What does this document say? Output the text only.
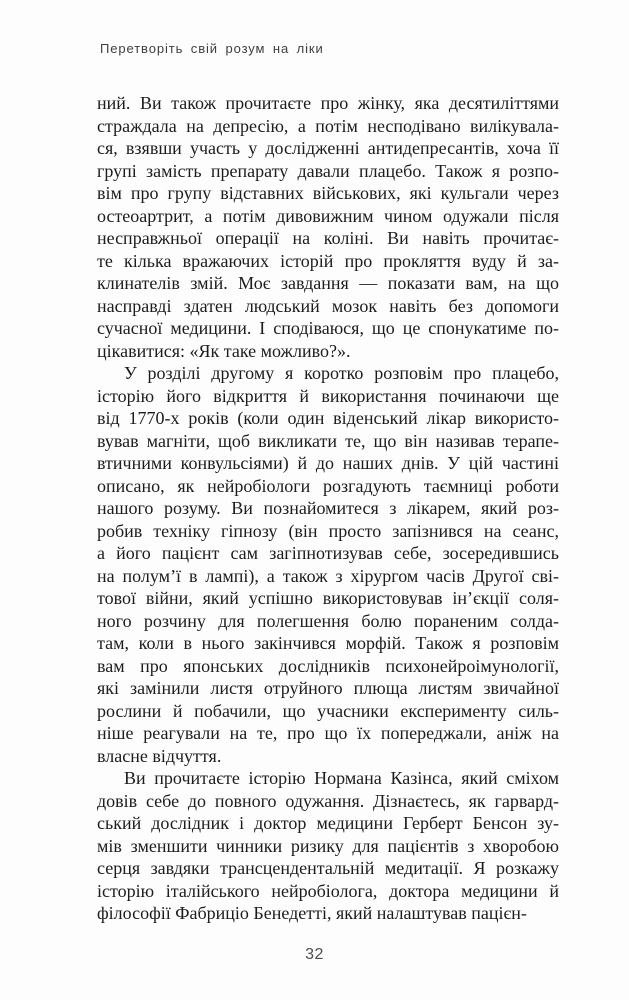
Перетворіть свій розум на ліки
ний. Ви також прочитаєте про жінку, яка десятиліттями
страждала на депресію, а потім несподівано вилікувала-
ся, взявши участь у дослідженні антидепресантів, хоча її
групі замість препарату давали плацебо. Також я розпо-
вім про групу відставних військових, які кульгали через
остеоартрит, а потім дивовижним чином одужали після
несправжньої операції на коліні. Ви навіть прочитає-
те кілька вражаючих історій про прокляття вуду й за-
клинателів змій. Моє завдання — показати вам, на що
насправді здатен людський мозок навіть без допомоги
сучасної медицини. І сподіваюся, що це спонукатиме по-
цікавитися: «Як таке можливо?».
У розділі другому я коротко розповім про плацебо,
історію його відкриття й використання починаючи ще
від 1770-х років (коли один віденський лікар використо-
вував магніти, щоб викликати те, що він називав терапе-
втичними конвульсіями) й до наших днів. У цій частині
описано, як нейробіологи розгадують таємниці роботи
нашого розуму. Ви познайомитеся з лікарем, який роз-
робив техніку гіпнозу (він просто запізнився на сеанс,
а його пацієнт сам загіпнотизував себе, зосередившись
на полум’ї в лампі), а також з хірургом часів Другої сві-
тової війни, який успішно використовував ін’єкції соля-
ного розчину для полегшення болю пораненим солда-
там, коли в нього закінчився морфій. Також я розповім
вам про японських дослідників психонейроімунології,
які замінили листя отруйного плюща листям звичайної
рослини й побачили, що учасники експерименту силь-
ніше реагували на те, про що їх попереджали, аніж на
власне відчуття.
Ви прочитаєте історію Нормана Казінса, який сміхом
довів себе до повного одужання. Дізнаєтесь, як гарвард-
ський дослідник і доктор медицини Герберт Бенсон зу-
мів зменшити чинники ризику для пацієнтів з хворобою
серця завдяки трансцендентальній медитації. Я розкажу
історію італійського нейробіолога, доктора медицини й
філософії Фабриціо Бенедетті, який налаштував пацієн-
32
